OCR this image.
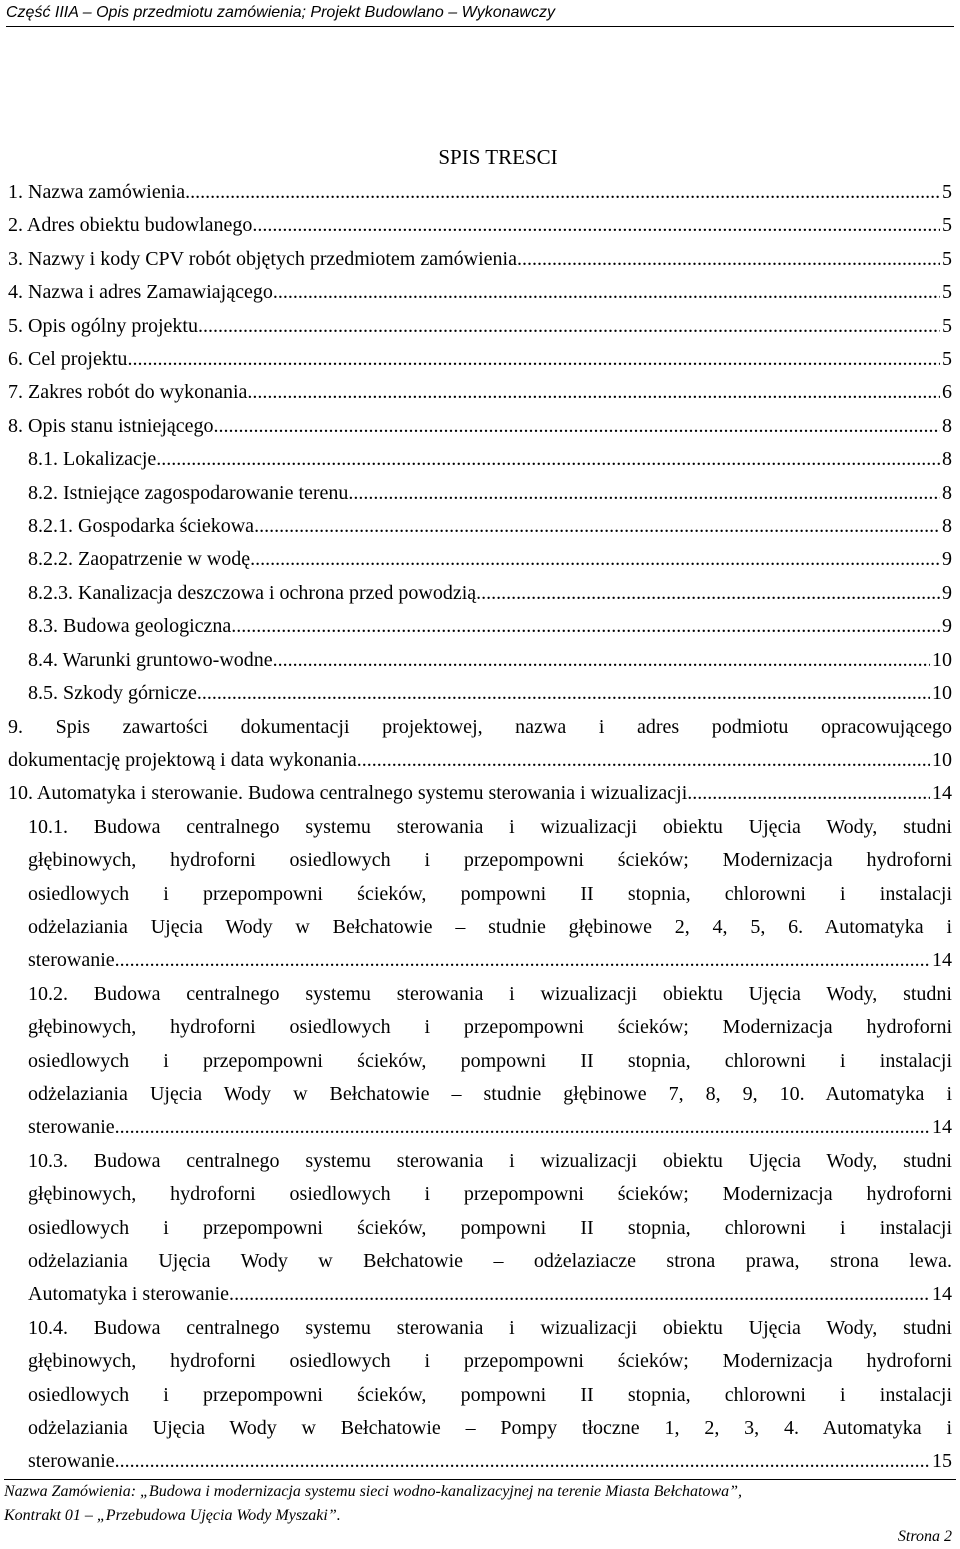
Część IIIA – Opis przedmiotu zamówienia; Projekt Budowlano – Wykonawczy
SPIS TRESCI
1. Nazwa zamówienia .....	5
2. Adres obiektu budowlanego .....	5
3. Nazwy i kody CPV robót objętych przedmiotem zamówienia .....	5
4. Nazwa i adres Zamawiającego .....	5
5. Opis ogólny projektu .....	5
6. Cel projektu .....	5
7. Zakres robót do wykonania .....	6
8. Opis stanu istniejącego .....	8
8.1. Lokalizacje .....	8
8.2. Istniejące zagospodarowanie terenu .....	8
8.2.1. Gospodarka ściekowa .....	8
8.2.2. Zaopatrzenie w wodę .....	9
8.2.3. Kanalizacja deszczowa i ochrona przed powodzią .....	9
8.3. Budowa geologiczna .....	9
8.4. Warunki gruntowo-wodne. .....	10
8.5. Szkody górnicze. .....	10
9. Spis zawartości dokumentacji projektowej, nazwa i adres podmiotu opracowującego
dokumentację projektową i data wykonania .....	10
10. Automatyka i sterowanie. Budowa centralnego systemu sterowania i wizualizacji .....	14
10.1. Budowa centralnego systemu sterowania i wizualizacji obiektu Ujęcia Wody, studni
głębinowych, hydroforni osiedlowych i przepompowni ścieków; Modernizacja hydroforni
osiedlowych i przepompowni ścieków, pompowni II stopnia, chlorowni i instalacji
odżelaziania Ujęcia Wody w Bełchatowie – studnie głębinowe 2, 4, 5, 6. Automatyka i
sterowanie. .....	14
10.2. Budowa centralnego systemu sterowania i wizualizacji obiektu Ujęcia Wody, studni
głębinowych, hydroforni osiedlowych i przepompowni ścieków; Modernizacja hydroforni
osiedlowych i przepompowni ścieków, pompowni II stopnia, chlorowni i instalacji
odżelaziania Ujęcia Wody w Bełchatowie – studnie głębinowe 7, 8, 9, 10. Automatyka i
sterowanie. .....	14
10.3. Budowa centralnego systemu sterowania i wizualizacji obiektu Ujęcia Wody, studni
głębinowych, hydroforni osiedlowych i przepompowni ścieków; Modernizacja hydroforni
osiedlowych i przepompowni ścieków, pompowni II stopnia, chlorowni i instalacji
odżelaziania Ujęcia Wody w Bełchatowie – odżelaziacze strona prawa, strona lewa.
Automatyka i sterowanie. .....	14
10.4. Budowa centralnego systemu sterowania i wizualizacji obiektu Ujęcia Wody, studni
głębinowych, hydroforni osiedlowych i przepompowni ścieków; Modernizacja hydroforni
osiedlowych i przepompowni ścieków, pompowni II stopnia, chlorowni i instalacji
odżelaziania Ujęcia Wody w Bełchatowie – Pompy tłoczne 1, 2, 3, 4. Automatyka i
sterowanie. .....	15
Nazwa Zamówienia: „Budowa i modernizacja systemu sieci wodno-kanalizacyjnej na terenie Miasta Bełchatowa”,
Kontrakt 01 – „Przebudowa Ujęcia Wody Myszaki”.
Strona 2
